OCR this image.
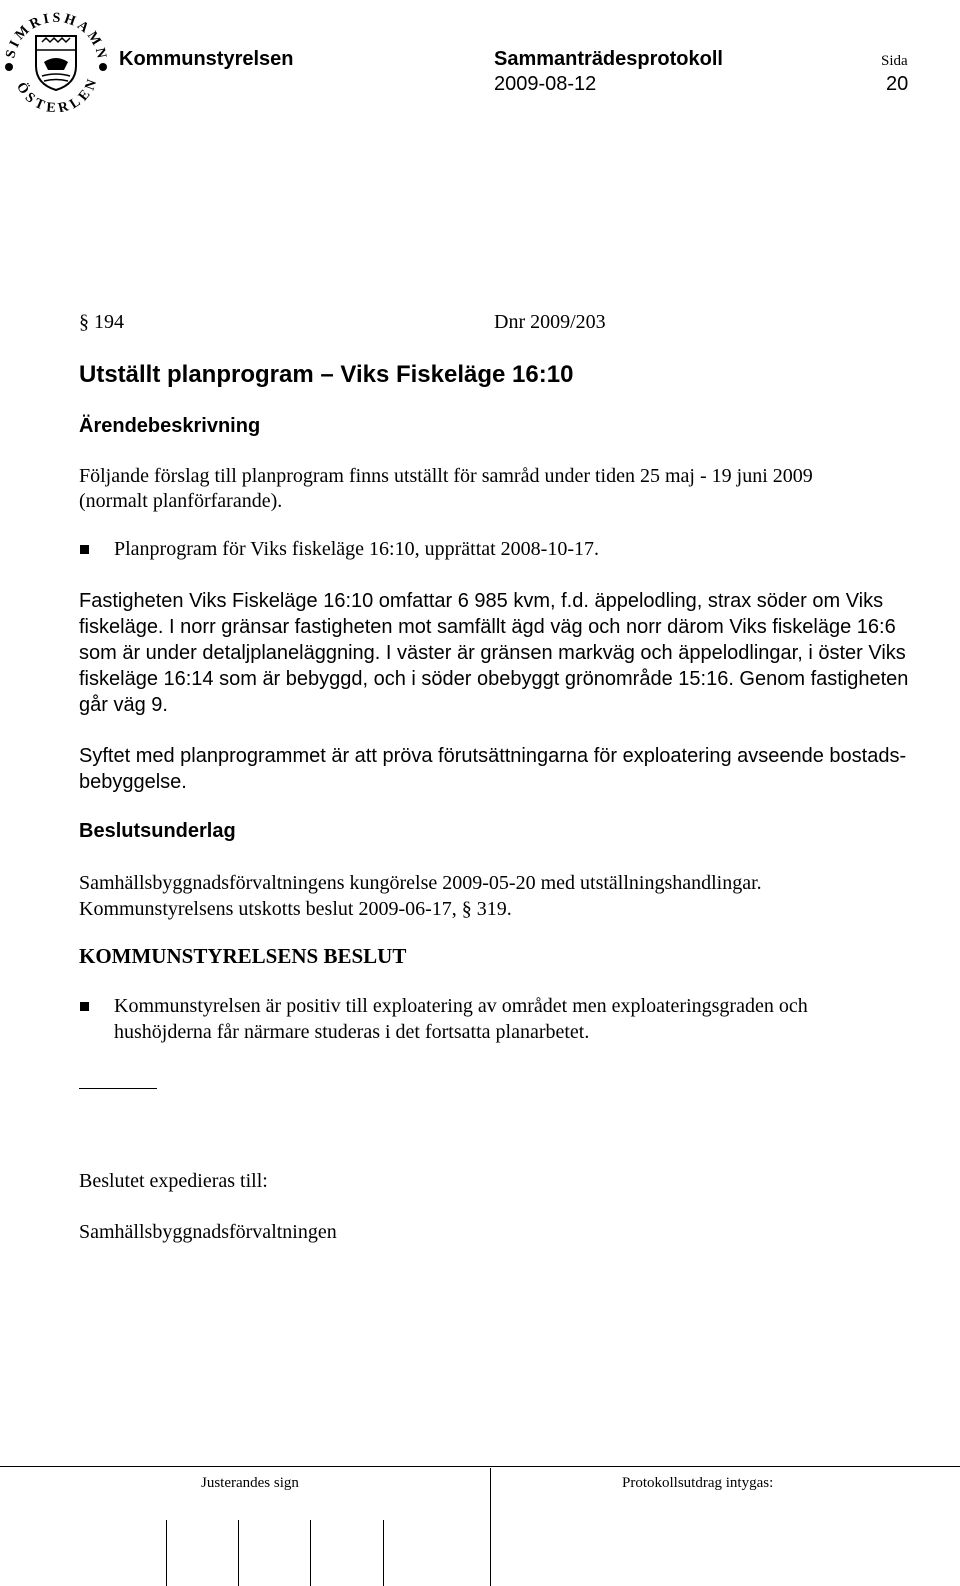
SIMRISHAMN
ÖSTERLEN
Kommunstyrelsen	Sammanträdesprotokoll	Sida
2009-08-12	20
§ 194	Dnr 2009/203
Utställt planprogram – Viks Fiskeläge 16:10
Ärendebeskrivning
Följande förslag till planprogram finns utställt för samråd under tiden 25 maj - 19 juni 2009
(normalt planförfarande).
Planprogram för Viks fiskeläge 16:10, upprättat 2008-10-17.
Fastigheten Viks Fiskeläge 16:10 omfattar 6 985 kvm, f.d. äppelodling, strax söder om Viks
fiskeläge. I norr gränsar fastigheten mot samfällt ägd väg och norr därom Viks fiskeläge 16:6
som är under detaljplaneläggning. I väster är gränsen markväg och äppelodlingar, i öster Viks
fiskeläge 16:14 som är bebyggd, och i söder obebyggt grönområde 15:16. Genom fastigheten
går väg 9.
Syftet med planprogrammet är att pröva förutsättningarna för exploatering avseende bostads-
bebyggelse.
Beslutsunderlag
Samhällsbyggnadsförvaltningens kungörelse 2009-05-20 med utställningshandlingar.
Kommunstyrelsens utskotts beslut 2009-06-17, § 319.
KOMMUNSTYRELSENS BESLUT
Kommunstyrelsen är positiv till exploatering av området men exploateringsgraden och
hushöjderna får närmare studeras i det fortsatta planarbetet.
Beslutet expedieras till:
Samhällsbyggnadsförvaltningen
Justerandes sign	Protokollsutdrag intygas:
